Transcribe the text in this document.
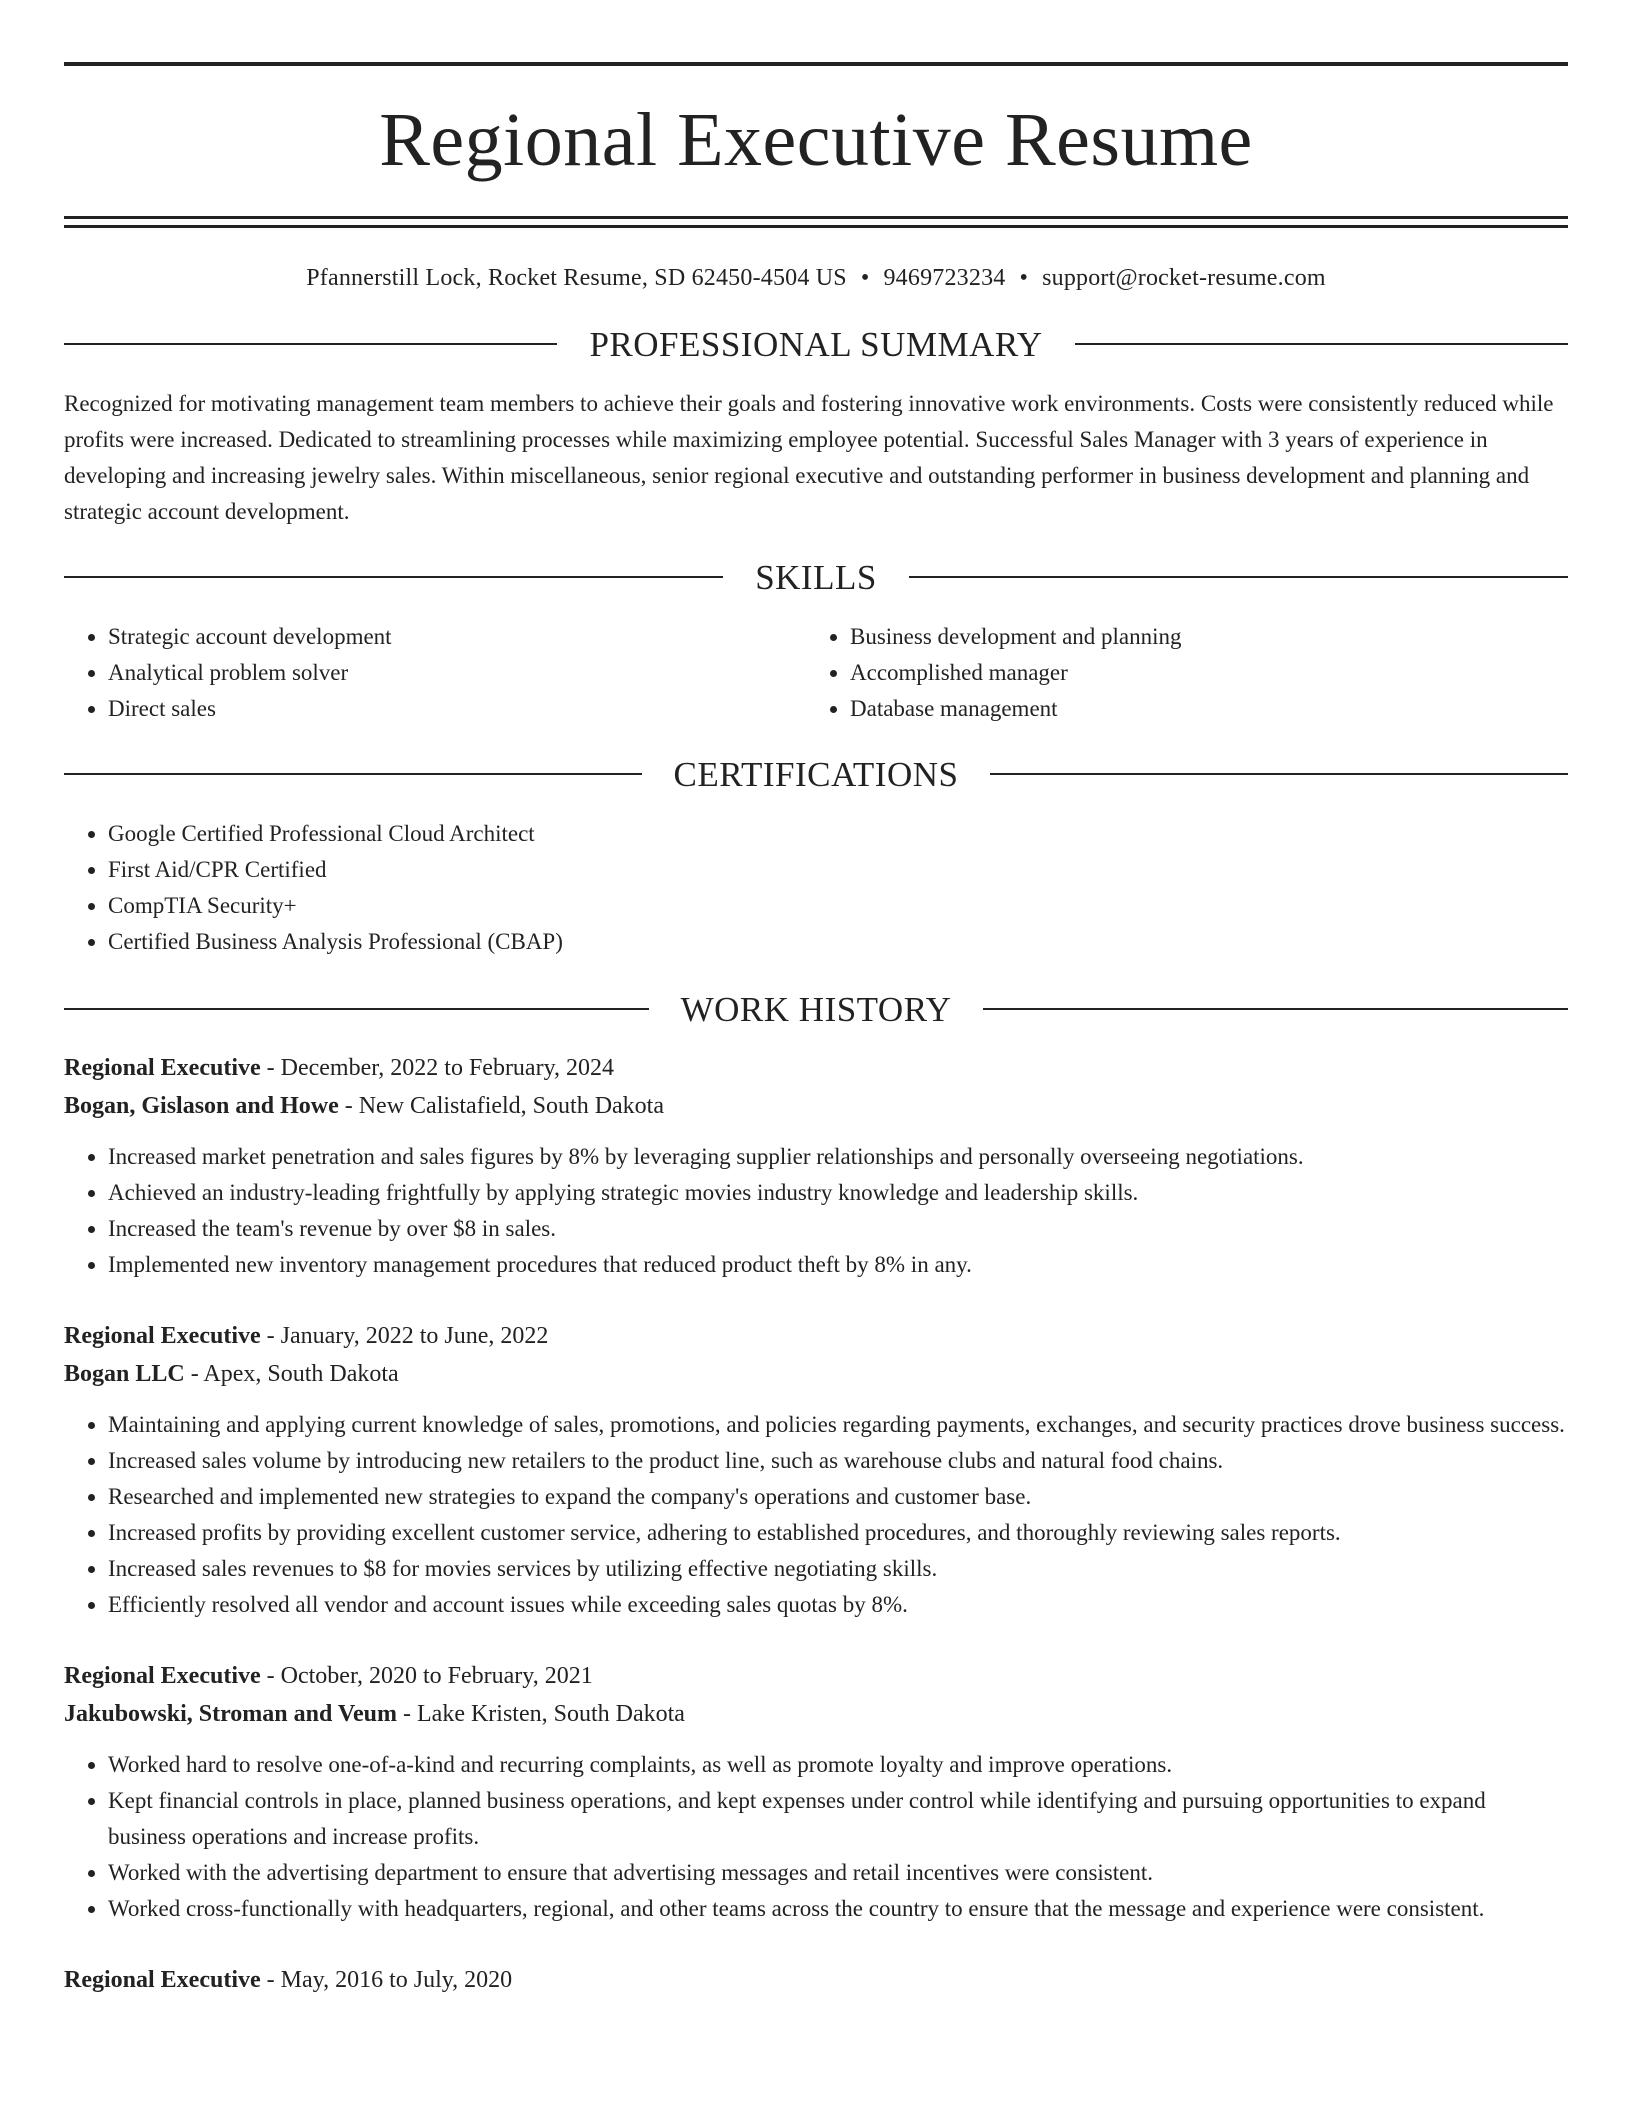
Regional Executive Resume
Pfannerstill Lock, Rocket Resume, SD 62450-4504 US • 9469723234 • support@rocket-resume.com
PROFESSIONAL SUMMARY
Recognized for motivating management team members to achieve their goals and fostering innovative work environments. Costs were consistently reduced while profits were increased. Dedicated to streamlining processes while maximizing employee potential. Successful Sales Manager with 3 years of experience in developing and increasing jewelry sales. Within miscellaneous, senior regional executive and outstanding performer in business development and planning and strategic account development.
SKILLS
• Strategic account development
• Analytical problem solver
• Direct sales
• Business development and planning
• Accomplished manager
• Database management
CERTIFICATIONS
• Google Certified Professional Cloud Architect
• First Aid/CPR Certified
• CompTIA Security+
• Certified Business Analysis Professional (CBAP)
WORK HISTORY
Regional Executive - December, 2022 to February, 2024
Bogan, Gislason and Howe - New Calistafield, South Dakota
• Increased market penetration and sales figures by 8% by leveraging supplier relationships and personally overseeing negotiations.
• Achieved an industry-leading frightfully by applying strategic movies industry knowledge and leadership skills.
• Increased the team's revenue by over $8 in sales.
• Implemented new inventory management procedures that reduced product theft by 8% in any.
Regional Executive - January, 2022 to June, 2022
Bogan LLC - Apex, South Dakota
• Maintaining and applying current knowledge of sales, promotions, and policies regarding payments, exchanges, and security practices drove business success.
• Increased sales volume by introducing new retailers to the product line, such as warehouse clubs and natural food chains.
• Researched and implemented new strategies to expand the company's operations and customer base.
• Increased profits by providing excellent customer service, adhering to established procedures, and thoroughly reviewing sales reports.
• Increased sales revenues to $8 for movies services by utilizing effective negotiating skills.
• Efficiently resolved all vendor and account issues while exceeding sales quotas by 8%.
Regional Executive - October, 2020 to February, 2021
Jakubowski, Stroman and Veum - Lake Kristen, South Dakota
• Worked hard to resolve one-of-a-kind and recurring complaints, as well as promote loyalty and improve operations.
• Kept financial controls in place, planned business operations, and kept expenses under control while identifying and pursuing opportunities to expand business operations and increase profits.
• Worked with the advertising department to ensure that advertising messages and retail incentives were consistent.
• Worked cross-functionally with headquarters, regional, and other teams across the country to ensure that the message and experience were consistent.
Regional Executive - May, 2016 to July, 2020
